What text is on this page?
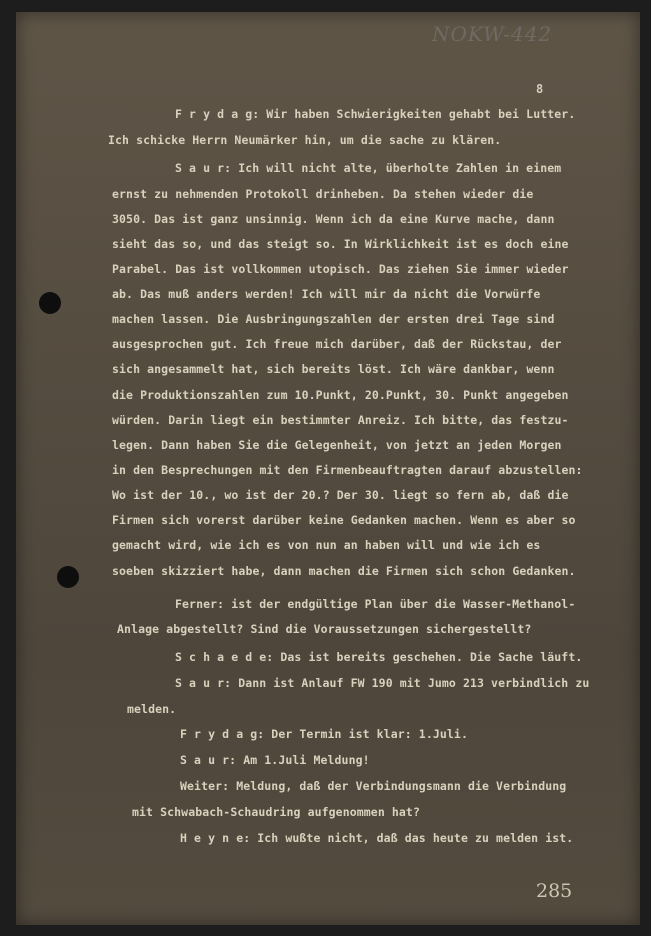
NOKW-442
8
F r y d a g: Wir haben Schwierigkeiten gehabt bei Lutter.
Ich schicke Herrn Neumärker hin, um die sache zu klären.
S a u r: Ich will nicht alte, überholte Zahlen in einem
ernst zu nehmenden Protokoll drinheben. Da stehen wieder die
3050. Das ist ganz unsinnig. Wenn ich da eine Kurve mache, dann
sieht das so, und das steigt so. In Wirklichkeit ist es doch eine
Parabel. Das ist vollkommen utopisch. Das ziehen Sie immer wieder
ab. Das muß anders werden! Ich will mir da nicht die Vorwürfe
machen lassen. Die Ausbringungszahlen der ersten drei Tage sind
ausgesprochen gut. Ich freue mich darüber, daß der Rückstau, der
sich angesammelt hat, sich bereits löst. Ich wäre dankbar, wenn
die Produktionszahlen zum 10.Punkt, 20.Punkt, 30. Punkt angegeben
würden. Darin liegt ein bestimmter Anreiz. Ich bitte, das festzu-
legen. Dann haben Sie die Gelegenheit, von jetzt an jeden Morgen
in den Besprechungen mit den Firmenbeauftragten darauf abzustellen:
Wo ist der 10., wo ist der 20.? Der 30. liegt so fern ab, daß die
Firmen sich vorerst darüber keine Gedanken machen. Wenn es aber so
gemacht wird, wie ich es von nun an haben will und wie ich es
soeben skizziert habe, dann machen die Firmen sich schon Gedanken.
Ferner: ist der endgültige Plan über die Wasser-Methanol-
Anlage abgestellt? Sind die Voraussetzungen sichergestellt?
S c h a e d e: Das ist bereits geschehen. Die Sache läuft.
S a u r: Dann ist Anlauf FW 190 mit Jumo 213 verbindlich zu
melden.
F r y d a g: Der Termin ist klar: 1.Juli.
S a u r: Am 1.Juli Meldung!
Weiter: Meldung, daß der Verbindungsmann die Verbindung
mit Schwabach-Schaudring aufgenommen hat?
H e y n e: Ich wußte nicht, daß das heute zu melden ist.
285
